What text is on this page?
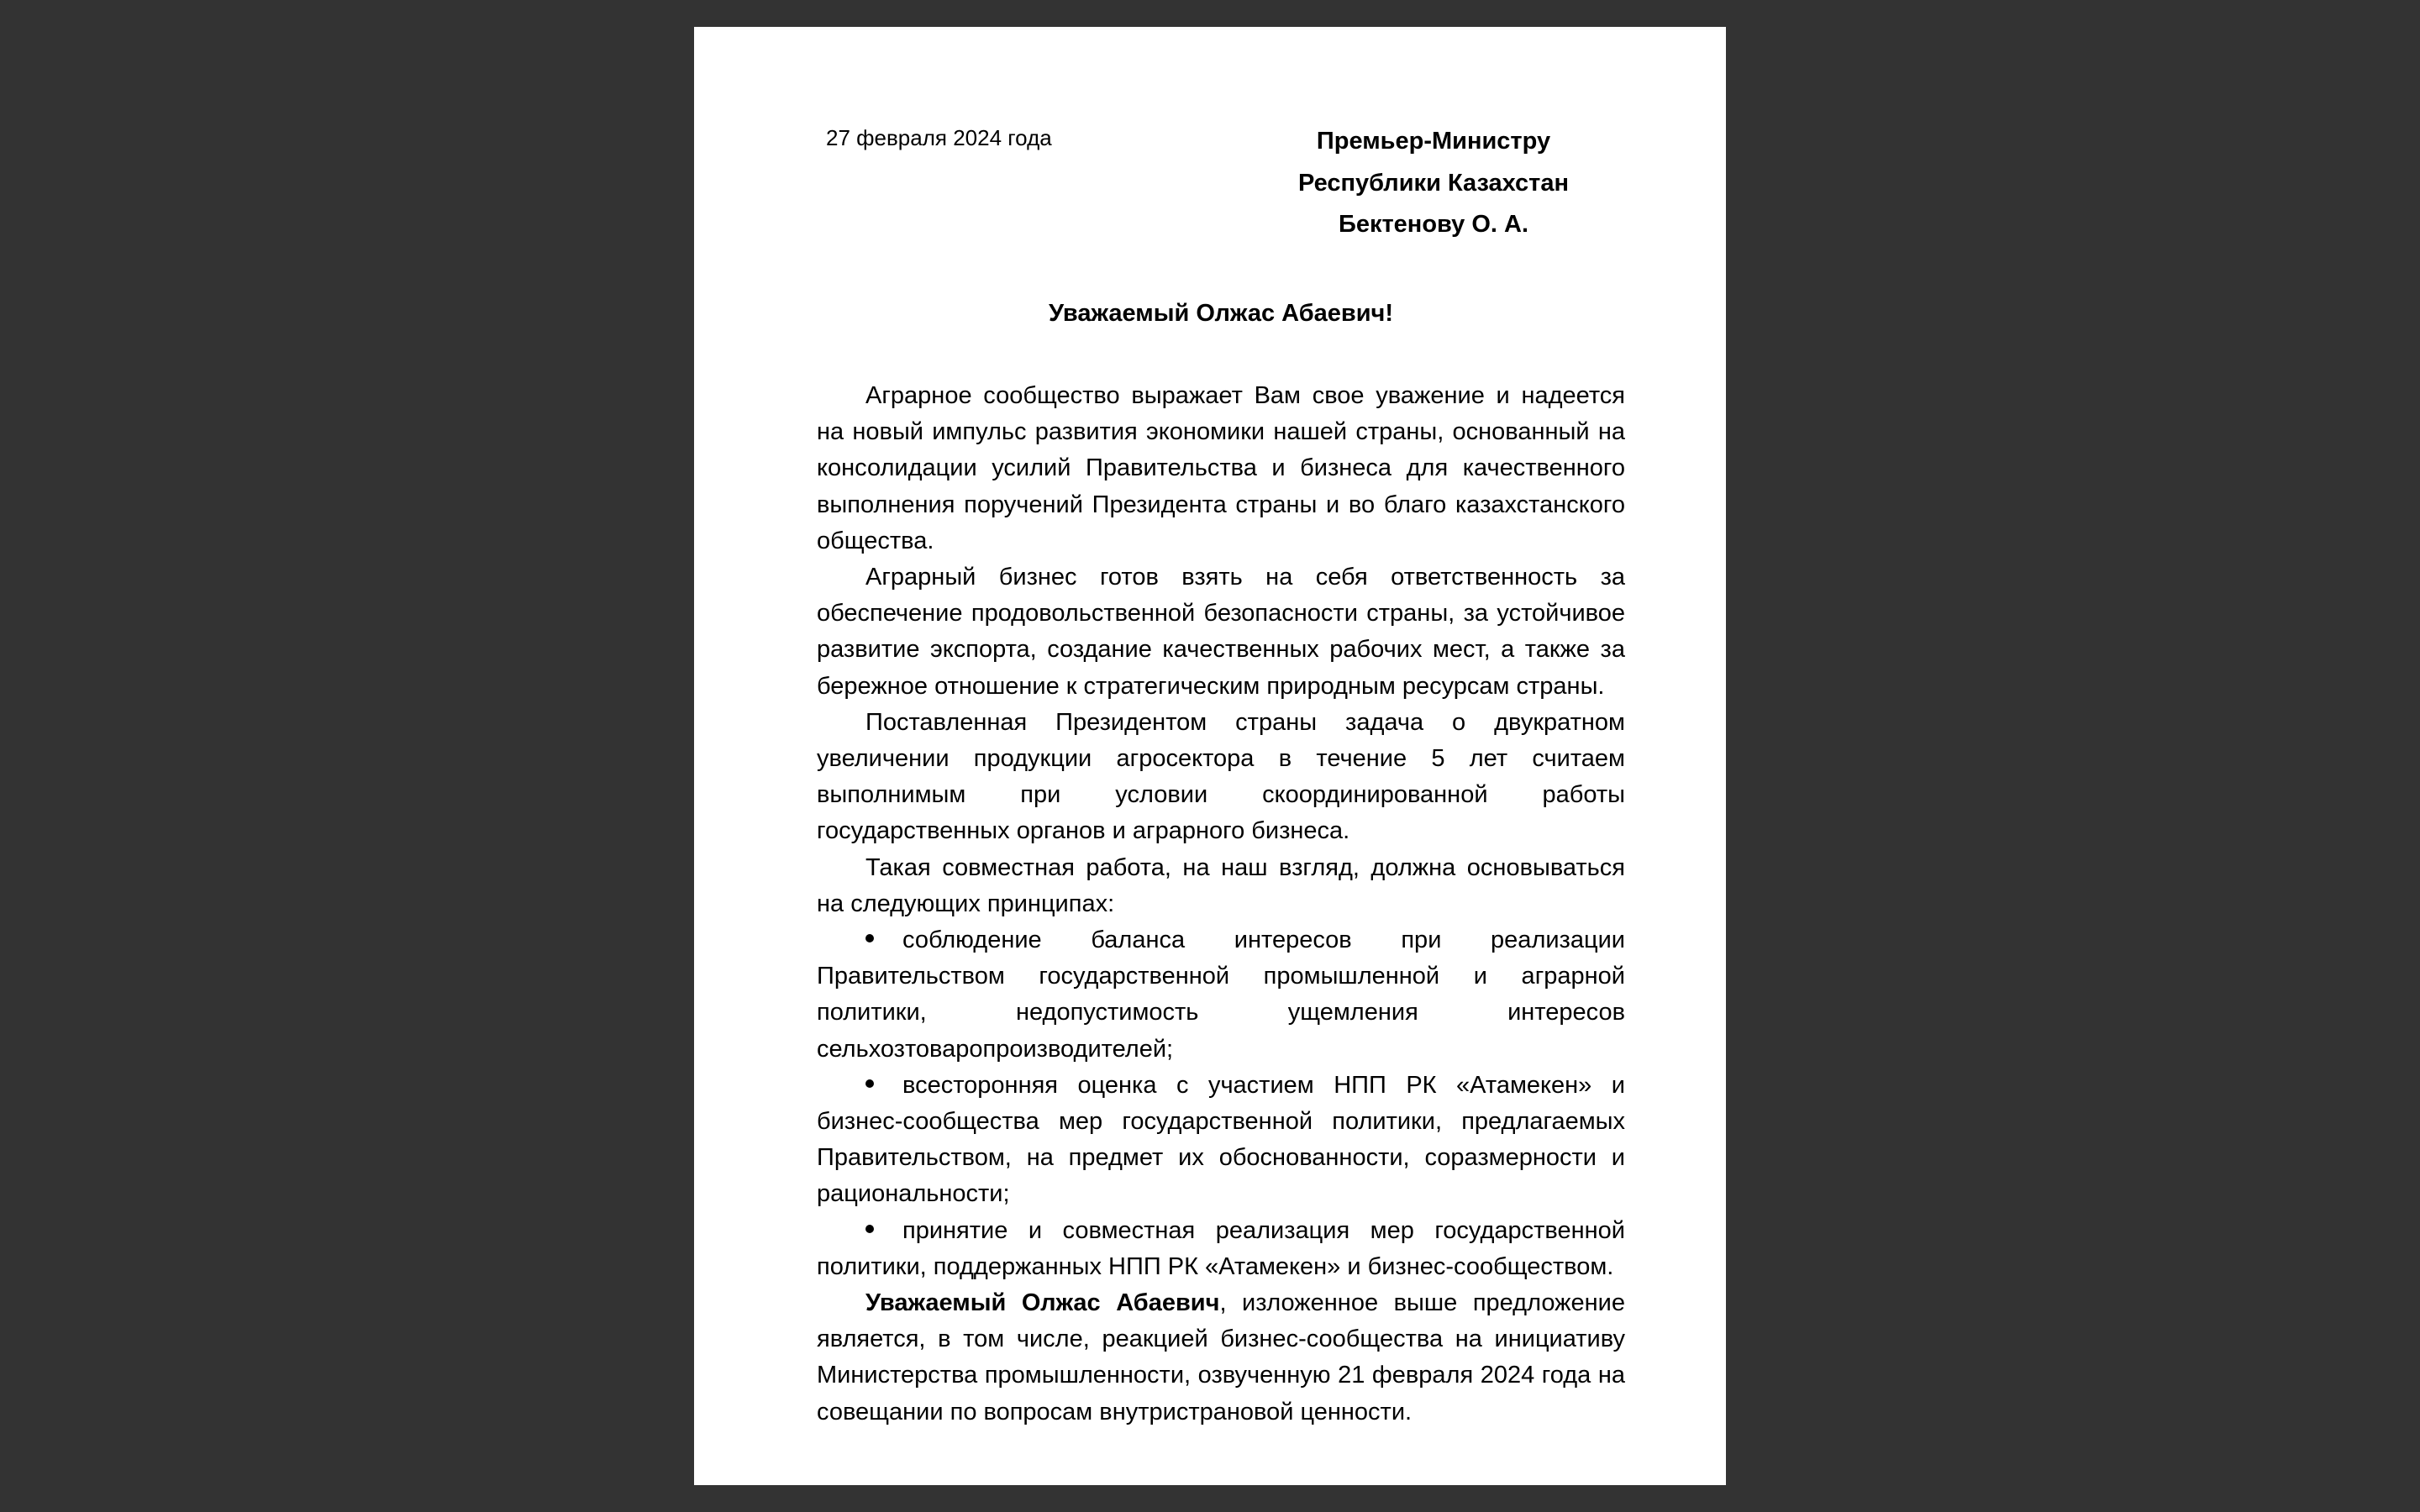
27 февраля 2024 года	Премьер-Министру
Республики Казахстан
Бектенову О. А.
Уважаемый Олжас Абаевич!

Аграрное сообщество выражает Вам свое уважение и надеется на новый импульс развития экономики нашей страны, основанный на консолидации усилий Правительства и бизнеса для качественного выполнения поручений Президента страны и во благо казахстанского общества.

Аграрный бизнес готов взять на себя ответственность за обеспечение продовольственной безопасности страны, за устойчивое развитие экспорта, создание качественных рабочих мест, а также за бережное отношение к стратегическим природным ресурсам страны.

Поставленная Президентом страны задача о двукратном увеличении продукции агросектора в течение 5 лет считаем выполнимым при условии скоординированной работы государственных органов и аграрного бизнеса.

Такая совместная работа, на наш взгляд, должна основываться на следующих принципах:

соблюдение баланса интересов при реализации Правительством государственной промышленной и аграрной политики, недопустимость ущемления интересов сельхозтоваропроизводителей;

всесторонняя оценка с участием НПП РК «Атамекен» и бизнес-сообщества мер государственной политики, предлагаемых Правительством, на предмет их обоснованности, соразмерности и рациональности;

принятие и совместная реализация мер государственной политики, поддержанных НПП РК «Атамекен» и бизнес-сообществом.

Уважаемый Олжас Абаевич, изложенное выше предложение является, в том числе, реакцией бизнес-сообщества на инициативу Министерства промышленности, озвученную 21 февраля 2024 года на совещании по вопросам внутристрановой ценности.
